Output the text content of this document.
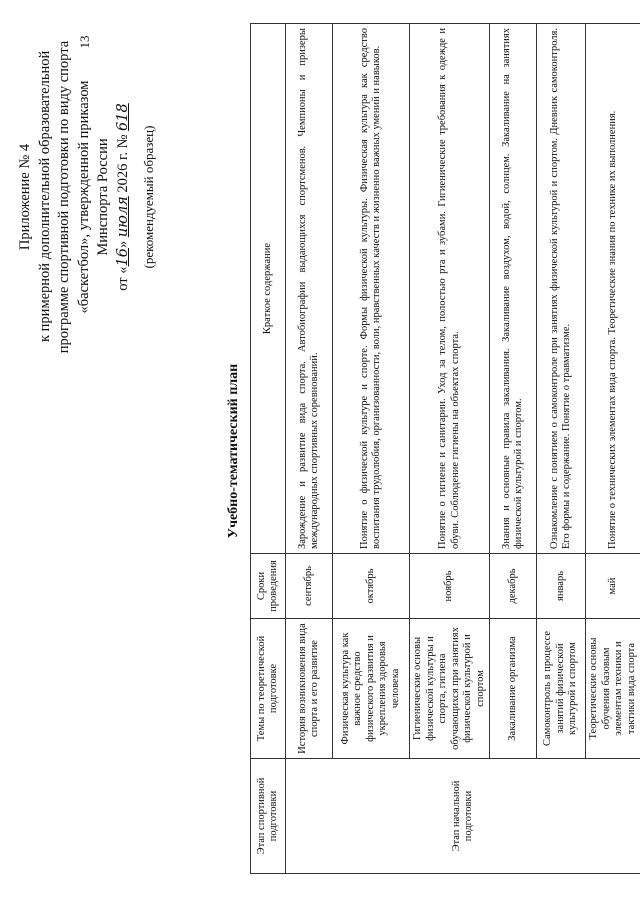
13
Приложение № 4 к примерной дополнительной образовательной программе спортивной подготовки по виду спорта «баскетбол», утвержденной приказом Минспорта России
от «16» июля 2026 г. № 618
(рекомендуемый образец)
Учебно-тематический план
Этап спортивной подготовки	Темы по теоретической подготовке	Сроки проведения	Краткое содержание
Этап начальной подготовки	История возникновения вида спорта и его развитие	сентябрь	Зарождение и развитие вида спорта. Автобиографии выдающихся спортсменов. Чемпионы и призеры международных спортивных соревнований.
	Физическая культура как важное средство физического развития и укрепления здоровья человека	октябрь	Понятие о физической культуре и спорте. Формы физической культуры. Физическая культура как средство воспитания трудолюбия, организованности, воли, нравственных качеств и жизненно важных умений и навыков.
	Гигиенические основы физической культуры и спорта, гигиена обучающихся при занятиях физической культурой и спортом	ноябрь	Понятие о гигиене и санитарии. Уход за телом, полостью рта и зубами. Гигиенические требования к одежде и обуви. Соблюдение гигиены на объектах спорта.
	Закаливание организма	декабрь	Знания и основные правила закаливания. Закаливание воздухом, водой, солнцем. Закаливание на занятиях физической культурой и спортом.
	Самоконтроль в процессе занятий физической культурой и спортом	январь	Ознакомление с понятием о самоконтроле при занятиях физической культурой и спортом. Дневник самоконтроля. Его формы и содержание. Понятие о травматизме.
	Теоретические основы обучения базовым элементам техники и тактики вида спорта	май	Понятие о технических элементах вида спорта. Теоретические знания по технике их выполнения.
